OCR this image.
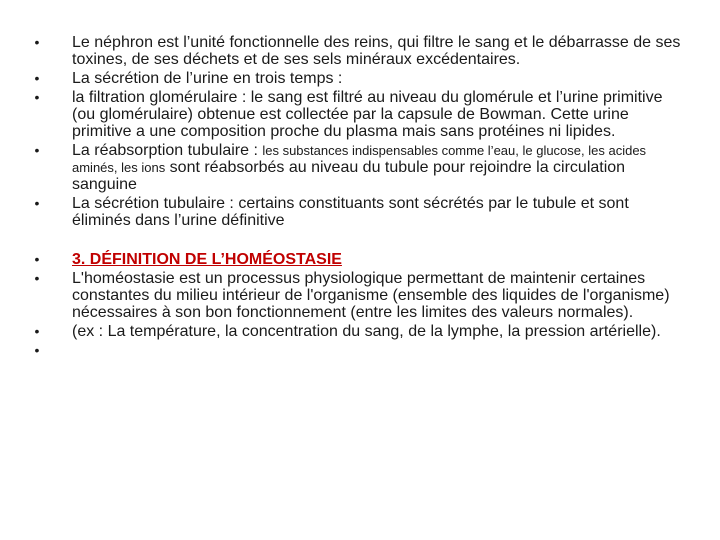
• Le néphron est l’unité fonctionnelle des reins, qui filtre le sang et le débarrasse de ses toxines, de ses déchets et de ses sels minéraux excédentaires.
• La sécrétion de l’urine en trois temps :
• la filtration glomérulaire : le sang est filtré au niveau du glomérule et l’urine primitive (ou glomérulaire) obtenue est collectée par la capsule de Bowman. Cette urine primitive a une composition proche du plasma mais sans protéines ni lipides.
• La réabsorption tubulaire : les substances indispensables comme l’eau, le glucose, les acides aminés, les ions sont réabsorbés au niveau du tubule pour rejoindre la circulation sanguine
• La sécrétion tubulaire : certains constituants sont sécrétés par le tubule et sont éliminés dans l’urine définitive
• 3. DÉFINITION DE L’HOMÉOSTASIE
• L'homéostasie est un processus physiologique permettant de maintenir certaines constantes du milieu intérieur de l'organisme (ensemble des liquides de l'organisme) nécessaires à son bon fonctionnement (entre les limites des valeurs normales).
• (ex : La température, la concentration du sang, de la lymphe, la pression artérielle).
•
